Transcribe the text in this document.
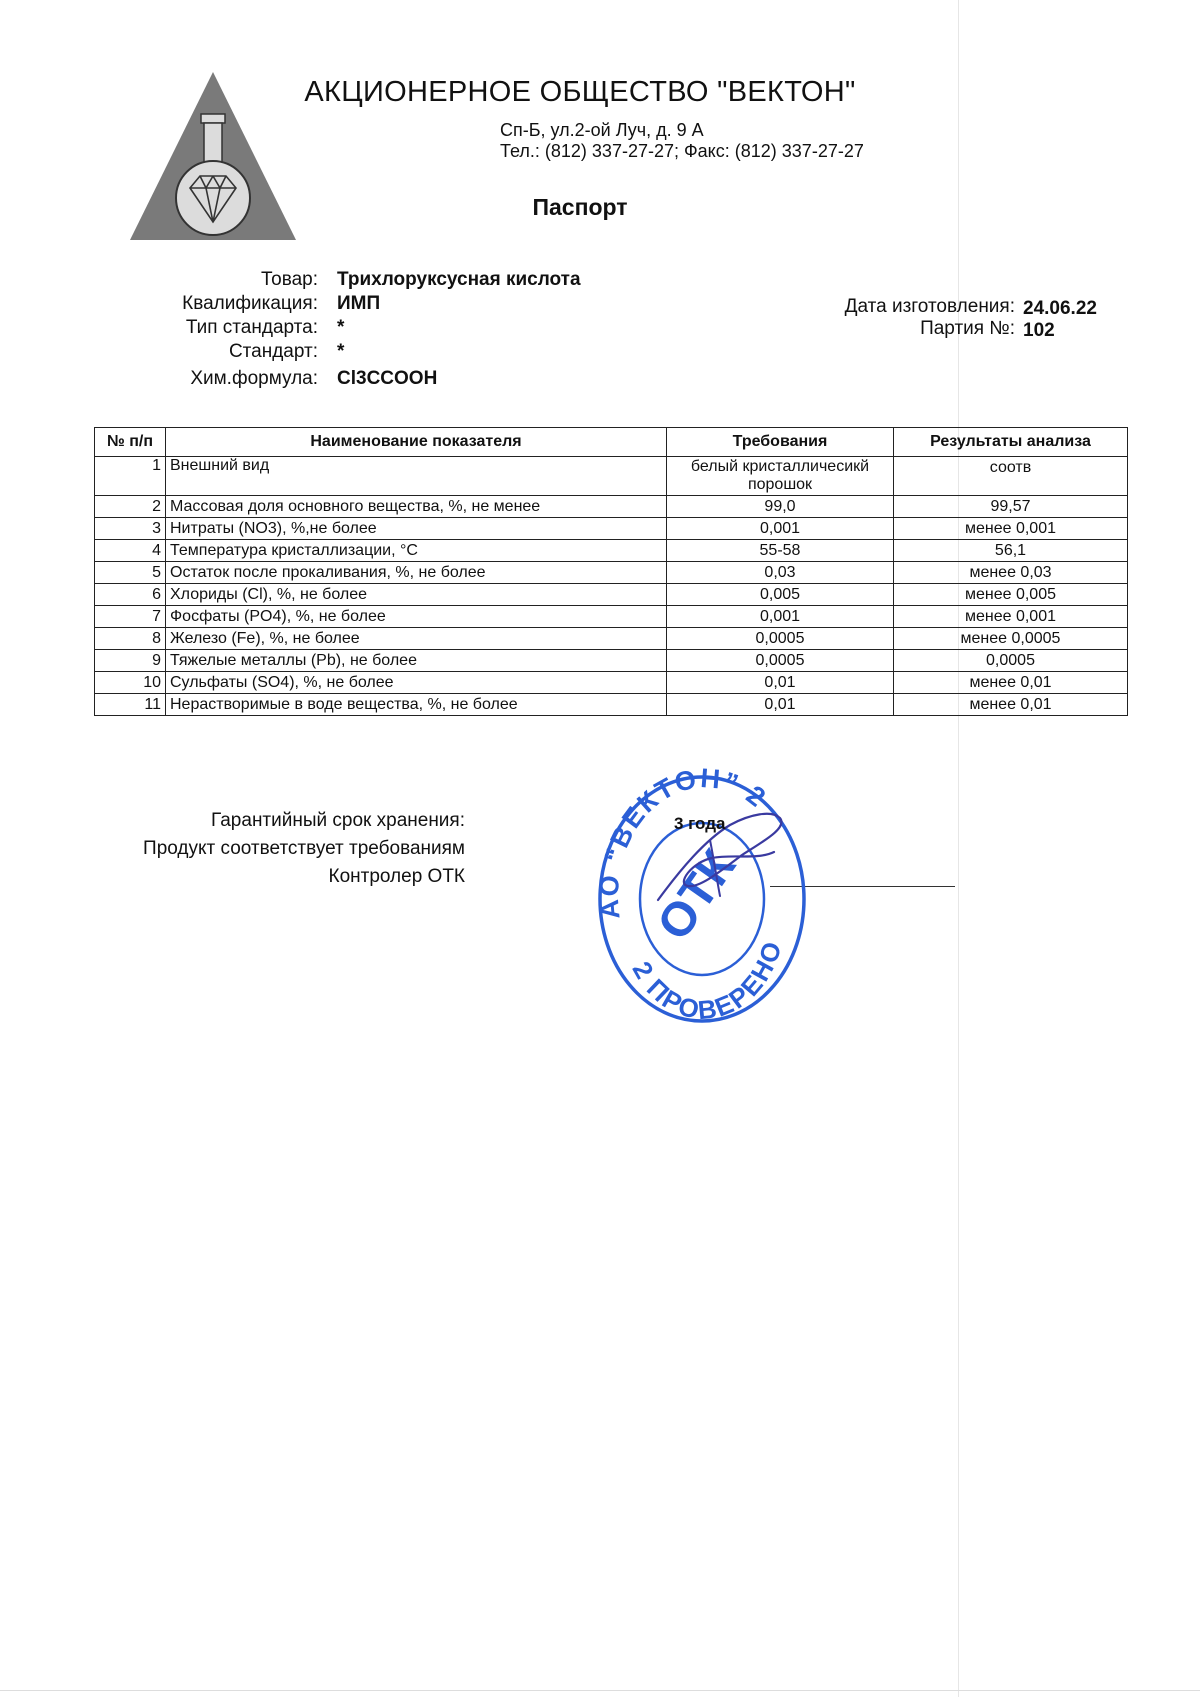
АКЦИОНЕРНОЕ ОБЩЕСТВО "ВЕКТОН"
Сп-Б, ул.2-ой Луч, д. 9 А
Тел.: (812) 337-27-27; Факс: (812) 337-27-27
Паспорт
Товар: Трихлоруксусная кислота
Квалификация: ИМП
Тип стандарта: *
Стандарт: *
Хим.формула: Cl3CCOOH
Дата изготовления: 24.06.22
Партия №: 102
№ п/п	Наименование показателя	Требования	Результаты анализа
1	Внешний вид	белый кристалличесикй порошок	соотв
2	Массовая доля основного вещества, %, не менее	99,0	99,57
3	Нитраты (NO3), %,не более	0,001	менее 0,001
4	Температура кристаллизации, °С	55-58	56,1
5	Остаток после прокаливания, %, не более	0,03	менее 0,03
6	Хлориды (Cl), %, не более	0,005	менее 0,005
7	Фосфаты (PO4), %, не более	0,001	менее 0,001
8	Железо (Fe), %, не более	0,0005	менее 0,0005
9	Тяжелые металлы (Pb), не более	0,0005	0,0005
10	Сульфаты (SO4), %, не более	0,01	менее 0,01
11	Нерастворимые в воде вещества, %, не более	0,01	менее 0,01
Гарантийный срок хранения:
Продукт соответствует требованиям
Контролер ОТК
АО “ВЕКТОН” 2
2 ПРОВЕРЕНО
ОТК
3 года
